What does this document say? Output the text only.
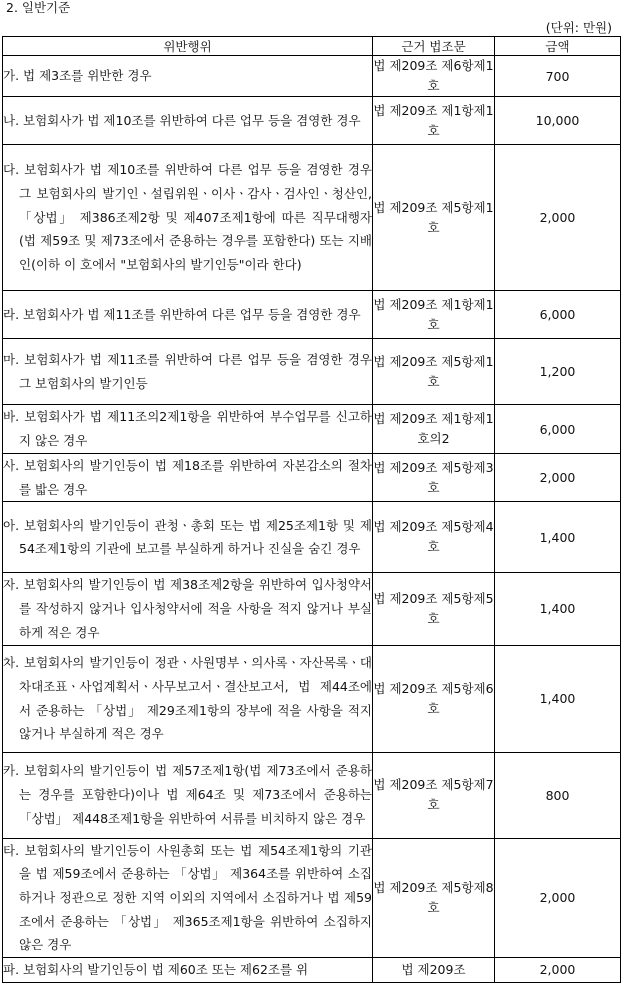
2. 일반기준
(단위: 만원)
위반행위	근거 법조문	금액

가. 법 제3조를 위반한 경우	법 제209조 제6항제1호	700

나. 보험회사가 법 제10조를 위반하여 다른 업무 등을 겸영한 경우	법 제209조 제1항제1호	10,000

다. 보험회사가 법 제10조를 위반하여 다른 업무 등을 겸영한 경우 그 보험회사의 발기인ㆍ설립위원ㆍ이사ㆍ감사ㆍ검사인ㆍ청산인, 「상법」 제386조제2항 및 제407조제1항에 따른 직무대행자(법 제59조 및 제73조에서 준용하는 경우를 포함한다) 또는 지배인(이하 이 호에서 "보험회사의 발기인등"이라 한다)	법 제209조 제5항제1호	2,000

라. 보험회사가 법 제11조를 위반하여 다른 업무 등을 겸영한 경우	법 제209조 제1항제1호	6,000

마. 보험회사가 법 제11조를 위반하여 다른 업무 등을 겸영한 경우 그 보험회사의 발기인등	법 제209조 제5항제1호	1,200

바. 보험회사가 법 제11조의2제1항을 위반하여 부수업무를 신고하지 않은 경우	법 제209조 제1항제1호의2	6,000

사. 보험회사의 발기인등이 법 제18조를 위반하여 자본감소의 절차를 밟은 경우	법 제209조 제5항제3호	2,000

아. 보험회사의 발기인등이 관청ㆍ총회 또는 법 제25조제1항 및 제54조제1항의 기관에 보고를 부실하게 하거나 진실을 숨긴 경우	법 제209조 제5항제4호	1,400

자. 보험회사의 발기인등이 법 제38조제2항을 위반하여 입사청약서를 작성하지 않거나 입사청약서에 적을 사항을 적지 않거나 부실하게 적은 경우	법 제209조 제5항제5호	1,400

차. 보험회사의 발기인등이 정관ㆍ사원명부ㆍ의사록ㆍ자산목록ㆍ대차대조표ㆍ사업계획서ㆍ사무보고서ㆍ결산보고서, 법 제44조에서 준용하는 「상법」 제29조제1항의 장부에 적을 사항을 적지 않거나 부실하게 적은 경우	법 제209조 제5항제6호	1,400

카. 보험회사의 발기인등이 법 제57조제1항(법 제73조에서 준용하는 경우를 포함한다)이나 법 제64조 및 제73조에서 준용하는 「상법」 제448조제1항을 위반하여 서류를 비치하지 않은 경우	법 제209조 제5항제7호	800

타. 보험회사의 발기인등이 사원총회 또는 법 제54조제1항의 기관을 법 제59조에서 준용하는 「상법」 제364조를 위반하여 소집하거나 정관으로 정한 지역 이외의 지역에서 소집하거나 법 제59조에서 준용하는 「상법」 제365조제1항을 위반하여 소집하지 않은 경우	법 제209조 제5항제8호	2,000

파. 보험회사의 발기인등이 법 제60조 또는 제62조를 위	법 제209조	2,000
